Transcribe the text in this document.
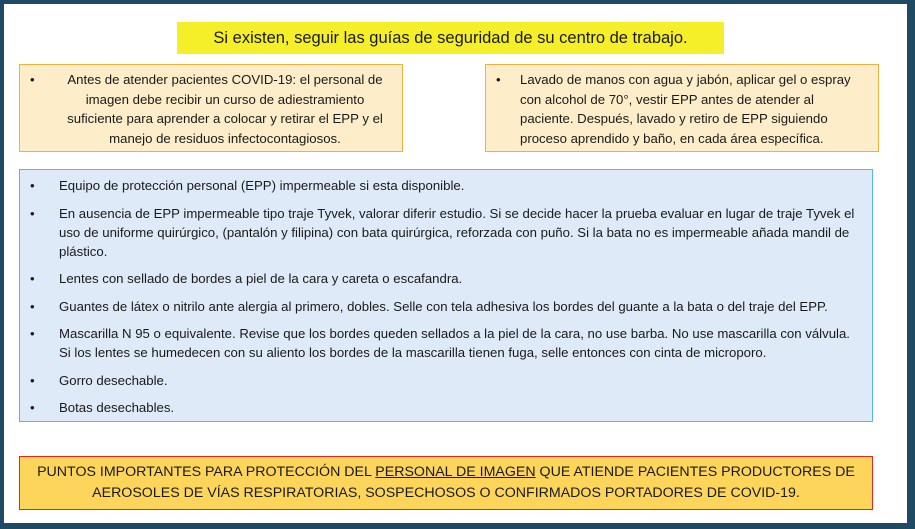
Si existen, seguir las guías de seguridad de su centro de trabajo.
•	Antes de atender pacientes COVID-19: el personal de imagen debe recibir un curso de adiestramiento suficiente para aprender a colocar y retirar el EPP y el manejo de residuos infectocontagiosos.
•	Lavado de manos con agua y jabón, aplicar gel o espray con alcohol de 70°, vestir EPP antes de atender al paciente. Después, lavado y retiro de EPP siguiendo proceso aprendido y baño, en cada área específica.
•	Equipo de protección personal (EPP) impermeable si esta disponible.
•	En ausencia de EPP impermeable tipo traje Tyvek, valorar diferir estudio. Si se decide hacer la prueba evaluar en lugar de traje Tyvek el uso de uniforme quirúrgico, (pantalón y filipina) con bata quirúrgica, reforzada con puño. Si la bata no es impermeable añada mandil de plástico.
•	Lentes con sellado de bordes a piel de la cara y careta o escafandra.
•	Guantes de látex o nitrilo ante alergia al primero, dobles. Selle con tela adhesiva los bordes del guante a la bata o del traje del EPP.
•	Mascarilla N 95 o equivalente. Revise que los bordes queden sellados a la piel de la cara, no use barba. No use mascarilla con válvula. Si los lentes se humedecen con su aliento los bordes de la mascarilla tienen fuga, selle entonces con cinta de microporo.
•	Gorro desechable.
•	Botas desechables.
PUNTOS IMPORTANTES PARA PROTECCIÓN DEL PERSONAL DE IMAGEN QUE ATIENDE PACIENTES PRODUCTORES DE
AEROSOLES DE VÍAS RESPIRATORIAS, SOSPECHOSOS O CONFIRMADOS PORTADORES DE COVID-19.
